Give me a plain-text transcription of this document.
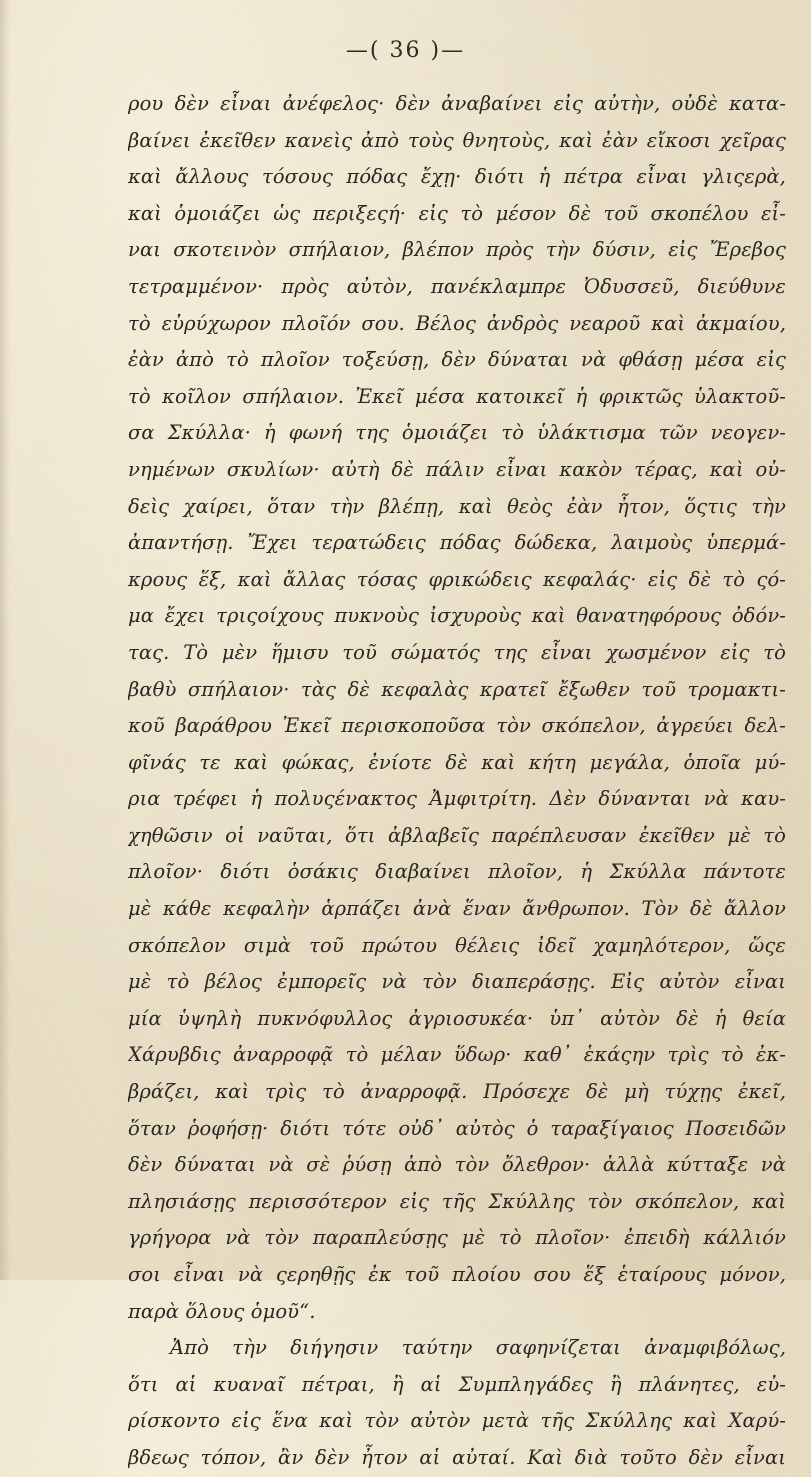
—( 36 )—
ρου δὲν εἶναι ἀνέφελος· δὲν ἀναβαίνει εἰς αὐτὴν, οὐδὲ κατα-
βαίνει ἐκεῖθεν κανεὶς ἀπὸ τοὺς θνητοὺς, καὶ ἐὰν εἴκοσι χεῖρας
καὶ ἄλλους τόσους πόδας ἔχῃ· διότι ἡ πέτρα εἶναι γλιςερὰ,
καὶ ὁμοιάζει ὡς περιξεςή· εἰς τὸ μέσον δὲ τοῦ σκοπέλου εἶ-
ναι σκοτεινὸν σπήλαιον, βλέπον πρὸς τὴν δύσιν, εἰς Ἔρεβος
τετραμμένον· πρὸς αὐτὸν, πανέκλαμπρε Ὀδυσσεῦ, διεύθυνε
τὸ εὐρύχωρον πλοῖόν σου. Βέλος ἀνδρὸς νεαροῦ καὶ ἀκμαίου,
ἐὰν ἀπὸ τὸ πλοῖον τοξεύσῃ, δὲν δύναται νὰ φθάσῃ μέσα εἰς
τὸ κοῖλον σπήλαιον. Ἐκεῖ μέσα κατοικεῖ ἡ φρικτῶς ὑλακτοῦ-
σα Σκύλλα· ἡ φωνή της ὁμοιάζει τὸ ὑλάκτισμα τῶν νεογεν-
νημένων σκυλίων· αὐτὴ δὲ πάλιν εἶναι κακὸν τέρας, καὶ οὐ-
δεὶς χαίρει, ὅταν τὴν βλέπῃ, καὶ θεὸς ἐὰν ἦτον, ὅςτις τὴν
ἀπαντήσῃ. Ἔχει τερατώδεις πόδας δώδεκα, λαιμοὺς ὑπερμά-
κρους ἕξ, καὶ ἄλλας τόσας φρικώδεις κεφαλάς· εἰς δὲ τὸ ςό-
μα ἔχει τριςοίχους πυκνοὺς ἰσχυροὺς καὶ θανατηφόρους ὀδόν-
τας. Τὸ μὲν ἥμισυ τοῦ σώματός της εἶναι χωσμένον εἰς τὸ
βαθὺ σπήλαιον· τὰς δὲ κεφαλὰς κρατεῖ ἔξωθεν τοῦ τρομακτι-
κοῦ βαράθρου Ἐκεῖ περισκοποῦσα τὸν σκόπελον, ἀγρεύει δελ-
φῖνάς τε καὶ φώκας, ἐνίοτε δὲ καὶ κήτη μεγάλα, ὁποῖα μύ-
ρια τρέφει ἡ πολυςένακτος Ἀμφιτρίτη. Δὲν δύνανται νὰ καυ-
χηθῶσιν οἱ ναῦται, ὅτι ἀβλαβεῖς παρέπλευσαν ἐκεῖθεν μὲ τὸ
πλοῖον· διότι ὁσάκις διαβαίνει πλοῖον, ἡ Σκύλλα πάντοτε
μὲ κάθε κεφαλὴν ἁρπάζει ἀνὰ ἕναν ἄνθρωπον. Τὸν δὲ ἄλλον
σκόπελον σιμὰ τοῦ πρώτου θέλεις ἰδεῖ χαμηλότερον, ὥςε
μὲ τὸ βέλος ἐμπορεῖς νὰ τὸν διαπεράσῃς. Εἰς αὐτὸν εἶναι
μία ὑψηλὴ πυκνόφυλλος ἀγριοσυκέα· ὑπ᾽ αὐτὸν δὲ ἡ θεία
Χάρυβδις ἀναρροφᾷ τὸ μέλαν ὕδωρ· καθ᾽ ἑκάςην τρὶς τὸ ἐκ-
βράζει, καὶ τρὶς τὸ ἀναρροφᾷ. Πρόσεχε δὲ μὴ τύχῃς ἐκεῖ,
ὅταν ῥοφήσῃ· διότι τότε οὐδ᾽ αὐτὸς ὁ ταραξίγαιος Ποσειδῶν
δὲν δύναται νὰ σὲ ῥύσῃ ἀπὸ τὸν ὄλεθρον· ἀλλὰ κύτταξε νὰ
πλησιάσῃς περισσότερον εἰς τῆς Σκύλλης τὸν σκόπελον, καὶ
γρήγορα νὰ τὸν παραπλεύσῃς μὲ τὸ πλοῖον· ἐπειδὴ κάλλιόν
σοι εἶναι νὰ ςερηθῇς ἐκ τοῦ πλοίου σου ἕξ ἑταίρους μόνον,
παρὰ ὅλους ὁμοῦ“.
Ἀπὸ τὴν διήγησιν ταύτην σαφηνίζεται ἀναμφιβόλως,
ὅτι αἱ κυαναῖ πέτραι, ἢ αἱ Συμπληγάδες ἢ πλάνητες, εὐ-
ρίσκοντο εἰς ἕνα καὶ τὸν αὐτὸν μετὰ τῆς Σκύλλης καὶ Χαρύ-
βδεως τόπον, ἂν δὲν ἦτον αἱ αὐταί. Καὶ διὰ τοῦτο δὲν εἶναι
